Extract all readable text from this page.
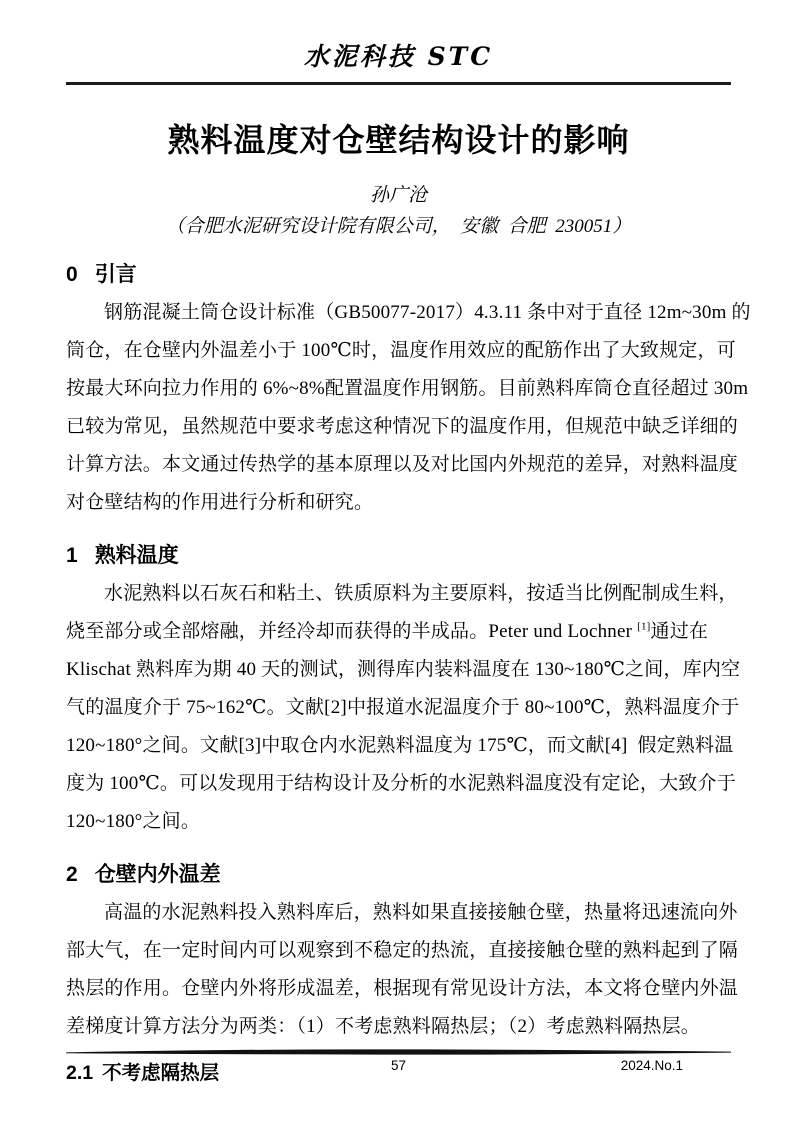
水泥科技 STC
熟料温度对仓壁结构设计的影响
孙广沧
（合肥水泥研究设计院有限公司，  安徽  合肥  230051）
0 引言
钢筋混凝土筒仓设计标准（GB50077-2017）4.3.11 条中对于直径 12m~30m 的
筒仓，在仓壁内外温差小于 100℃时，温度作用效应的配筋作出了大致规定，可
按最大环向拉力作用的 6%~8%配置温度作用钢筋。目前熟料库筒仓直径超过 30m
已较为常见，虽然规范中要求考虑这种情况下的温度作用，但规范中缺乏详细的
计算方法。本文通过传热学的基本原理以及对比国内外规范的差异，对熟料温度
对仓壁结构的作用进行分析和研究。
1 熟料温度
水泥熟料以石灰石和粘土、铁质原料为主要原料，按适当比例配制成生料，
烧至部分或全部熔融，并经冷却而获得的半成品。Peter und Lochner [1]通过在
Klischat 熟料库为期 40 天的测试，测得库内装料温度在 130~180℃之间，库内空
气的温度介于 75~162℃。文献[2]中报道水泥温度介于 80~100℃，熟料温度介于
120~180°之间。文献[3]中取仓内水泥熟料温度为 175℃，而文献[4]  假定熟料温
度为 100℃。可以发现用于结构设计及分析的水泥熟料温度没有定论，大致介于
120~180°之间。
2 仓壁内外温差
高温的水泥熟料投入熟料库后，熟料如果直接接触仓壁，热量将迅速流向外
部大气，在一定时间内可以观察到不稳定的热流，直接接触仓壁的熟料起到了隔
热层的作用。仓壁内外将形成温差，根据现有常见设计方法，本文将仓壁内外温
差梯度计算方法分为两类：（1）不考虑熟料隔热层；（2）考虑熟料隔热层。
2.1 不考虑隔热层	57	2024.No.1
